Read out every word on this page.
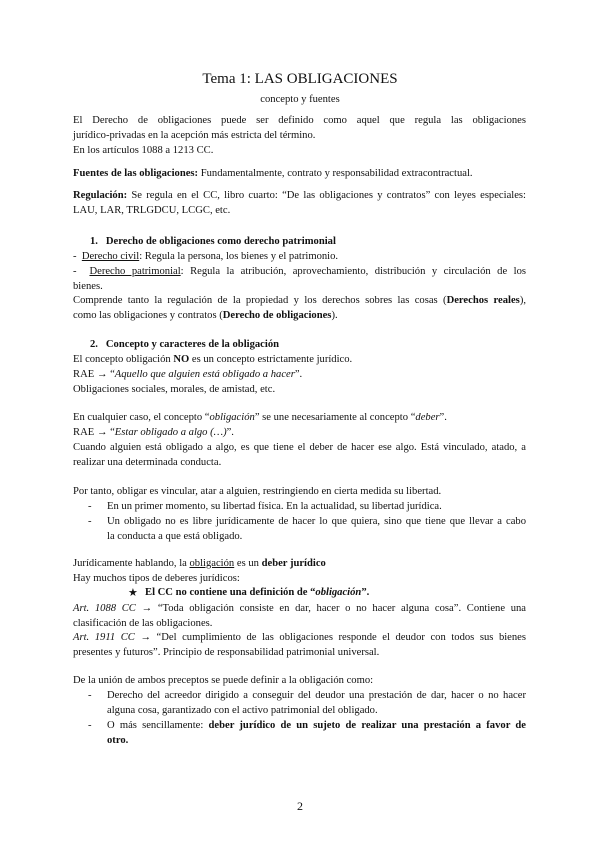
Tema 1: LAS OBLIGACIONES
concepto y fuentes
El Derecho de obligaciones puede ser definido como aquel que regula las obligaciones
jurídico-privadas en la acepción más estricta del término.
En los artículos 1088 a 1213 CC.
Fuentes de las obligaciones: Fundamentalmente, contrato y responsabilidad extracontractual.
Regulación: Se regula en el CC, libro cuarto: “De las obligaciones y contratos” con leyes especiales:
LAU, LAR, TRLGDCU, LCGC, etc.
1. Derecho de obligaciones como derecho patrimonial
- Derecho civil: Regula la persona, los bienes y el patrimonio.
- Derecho patrimonial: Regula la atribución, aprovechamiento, distribución y circulación de los
bienes.
Comprende tanto la regulación de la propiedad y los derechos sobres las cosas (Derechos reales),
como las obligaciones y contratos (Derecho de obligaciones).
2. Concepto y caracteres de la obligación
El concepto obligación NO es un concepto estrictamente jurídico.
RAE → “Aquello que alguien está obligado a hacer”.
Obligaciones sociales, morales, de amistad, etc.
En cualquier caso, el concepto “obligación” se une necesariamente al concepto “deber”.
RAE → “Estar obligado a algo (…)”.
Cuando alguien está obligado a algo, es que tiene el deber de hacer ese algo. Está vinculado, atado, a
realizar una determinada conducta.
Por tanto, obligar es vincular, atar a alguien, restringiendo en cierta medida su libertad.
- En un primer momento, su libertad física. En la actualidad, su libertad jurídica.
- Un obligado no es libre jurídicamente de hacer lo que quiera, sino que tiene que llevar a cabo
la conducta a que está obligado.
Jurídicamente hablando, la obligación es un deber jurídico
Hay muchos tipos de deberes jurídicos:
★ El CC no contiene una definición de “obligación”.
Art. 1088 CC → “Toda obligación consiste en dar, hacer o no hacer alguna cosa”. Contiene una
clasificación de las obligaciones.
Art. 1911 CC → “Del cumplimiento de las obligaciones responde el deudor con todos sus bienes
presentes y futuros”. Principio de responsabilidad patrimonial universal.
De la unión de ambos preceptos se puede definir a la obligación como:
- Derecho del acreedor dirigido a conseguir del deudor una prestación de dar, hacer o no hacer
alguna cosa, garantizado con el activo patrimonial del obligado.
- O más sencillamente: deber jurídico de un sujeto de realizar una prestación a favor de
otro.
2
